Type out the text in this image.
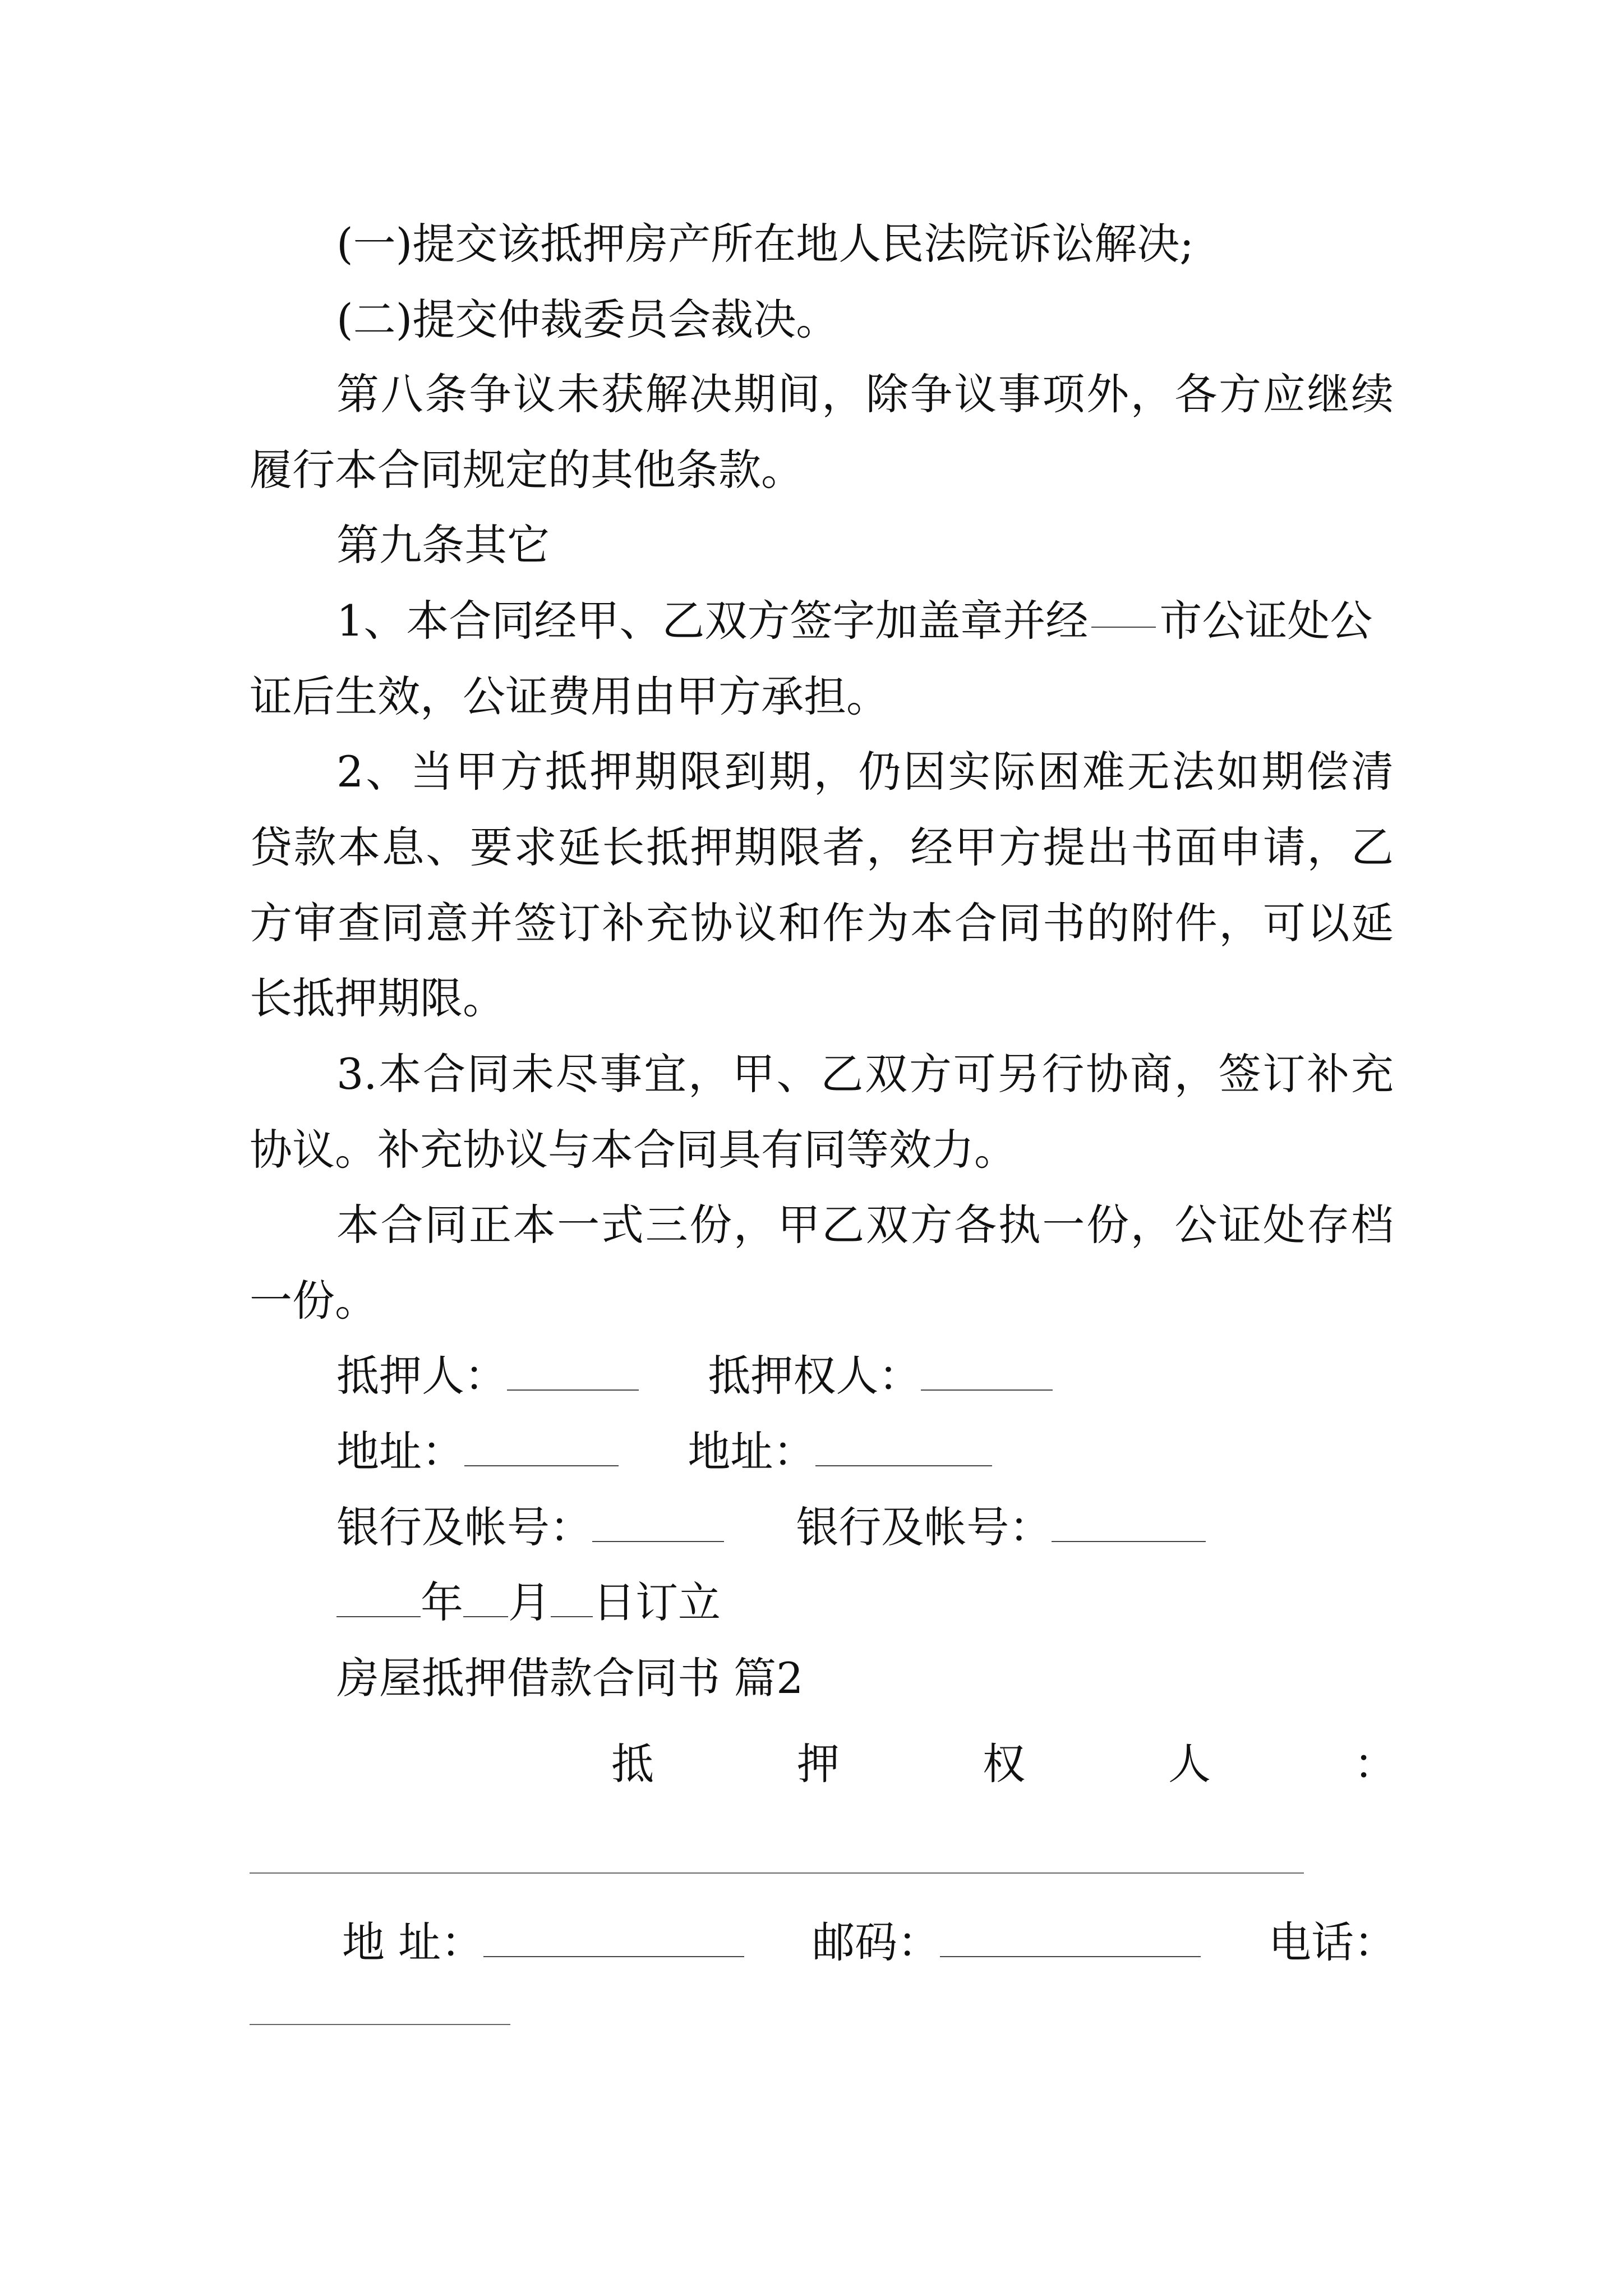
(一)提交该抵押房产所在地人民法院诉讼解决;
(二)提交仲裁委员会裁决。
第八条争议未获解决期间，除争议事项外，各方应继续
履行本合同规定的其他条款。
第九条其它
1、本合同经甲、乙双方签字加盖章并经 市公证处公
证后生效，公证费用由甲方承担。
2、当甲方抵押期限到期，仍因实际困难无法如期偿清
贷款本息、要求延长抵押期限者，经甲方提出书面申请，乙
方审查同意并签订补充协议和作为本合同书的附件，可以延
长抵押期限。
3.本合同未尽事宜，甲、乙双方可另行协商，签订补充
协议。补充协议与本合同具有同等效力。
本合同正本一式三份，甲乙双方各执一份，公证处存档
一份。
抵押人：	抵押权人：
地址：	地址：
银行及帐号：	银行及帐号：
年 月 日订立
房屋抵押借款合同书 篇2
抵	押	权	人	：
地 址：	邮码：	电话：
